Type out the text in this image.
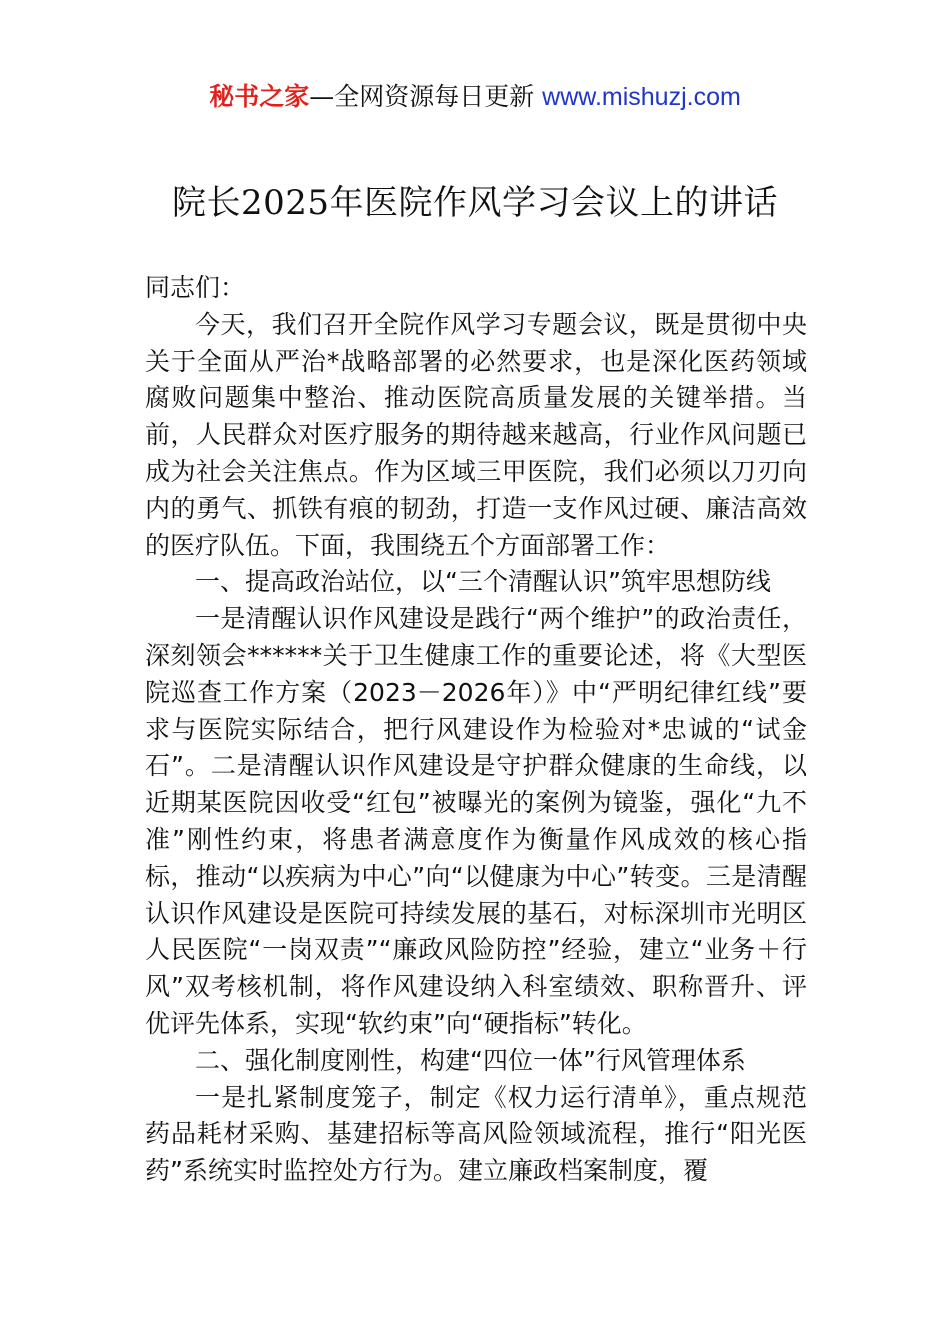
秘书之家—全网资源每日更新 www.mishuzj.com
院长2025年医院作风学习会议上的讲话

同志们：

今天，我们召开全院作风学习专题会议，既是贯彻中央关于全面从严治*战略部署的必然要求，也是深化医药领域腐败问题集中整治、推动医院高质量发展的关键举措。当前，人民群众对医疗服务的期待越来越高，行业作风问题已成为社会关注焦点。作为区域三甲医院，我们必须以刀刃向内的勇气、抓铁有痕的韧劲，打造一支作风过硬、廉洁高效的医疗队伍。下面，我围绕五个方面部署工作：

一、提高政治站位，以“三个清醒认识”筑牢思想防线

一是清醒认识作风建设是践行“两个维护”的政治责任，深刻领会******关于卫生健康工作的重要论述，将《大型医院巡查工作方案（2023－2026年）》中“严明纪律红线”要求与医院实际结合，把行风建设作为检验对*忠诚的“试金石”。二是清醒认识作风建设是守护群众健康的生命线，以近期某医院因收受“红包”被曝光的案例为镜鉴，强化“九不准”刚性约束，将患者满意度作为衡量作风成效的核心指标，推动“以疾病为中心”向“以健康为中心”转变。三是清醒认识作风建设是医院可持续发展的基石，对标深圳市光明区人民医院“一岗双责”“廉政风险防控”经验，建立“业务＋行风”双考核机制，将作风建设纳入科室绩效、职称晋升、评优评先体系，实现“软约束”向“硬指标”转化。

二、强化制度刚性，构建“四位一体”行风管理体系

一是扎紧制度笼子，制定《权力运行清单》，重点规范药品耗材采购、基建招标等高风险领域流程，推行“阳光医药”系统实时监控处方行为。建立廉政档案制度，覆
